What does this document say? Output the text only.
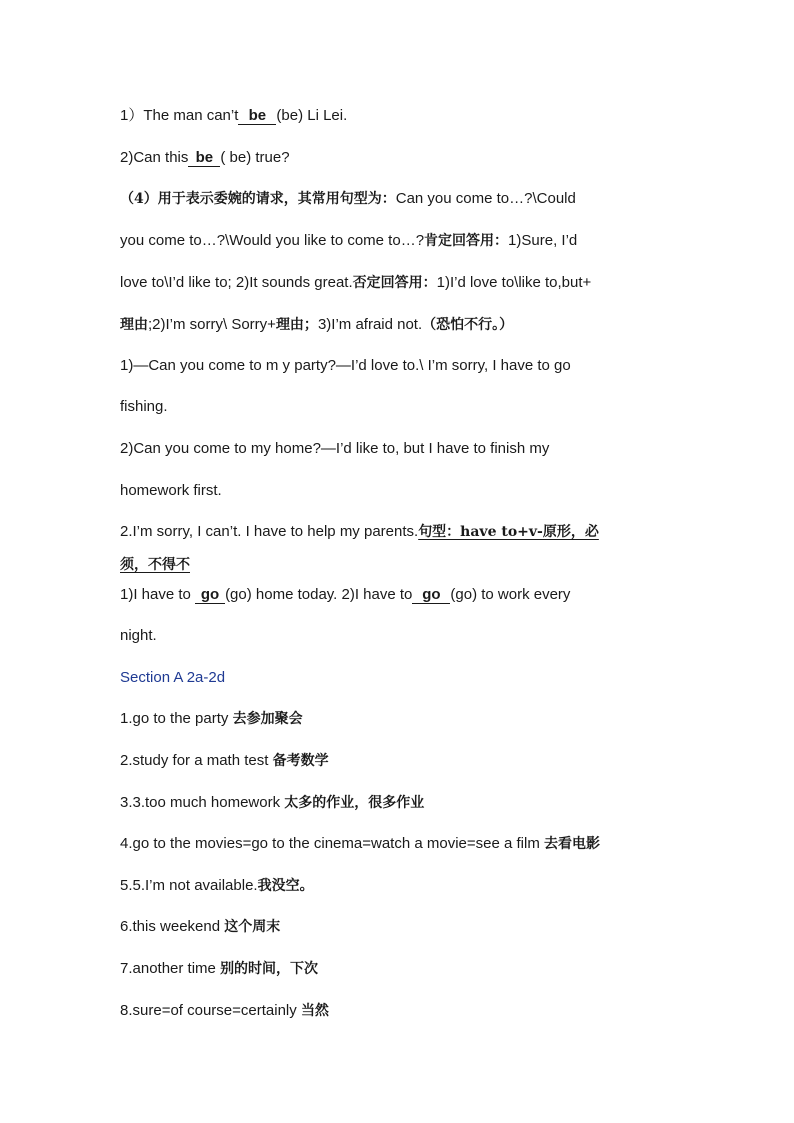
1）The man can’t be (be) Li Lei.
2)Can this be ( be) true?
（4）用于表示委婉的请求，其常用句型为：Can you come to…?\Could
you come to…?\Would you like to come to…?肯定回答用：1)Sure, I’d
love to\I’d like to; 2)It sounds great.否定回答用：1)I’d love to\like to,but+
理由;2)I’m sorry\ Sorry+理由；3)I’m afraid not.（恐怕不行。）
1)—Can you come to m y party?—I’d love to.\ I’m sorry, I have to go
fishing.
2)Can you come to my home?—I’d like to, but I have to finish my
homework first.
2.I’m sorry, I can’t. I have to help my parents.句型：have to+v-原形，必
须，不得不
1)I have to go (go) home today. 2)I have to go (go) to work every
night.
Section A 2a-2d
1.go to the party 去参加聚会
2.study for a math test 备考数学
3.3.too much homework 太多的作业，很多作业
4.go to the movies=go to the cinema=watch a movie=see a film 去看电影
5.5.I’m not available.我没空。
6.this weekend 这个周末
7.another time 别的时间，下次
8.sure=of course=certainly 当然
